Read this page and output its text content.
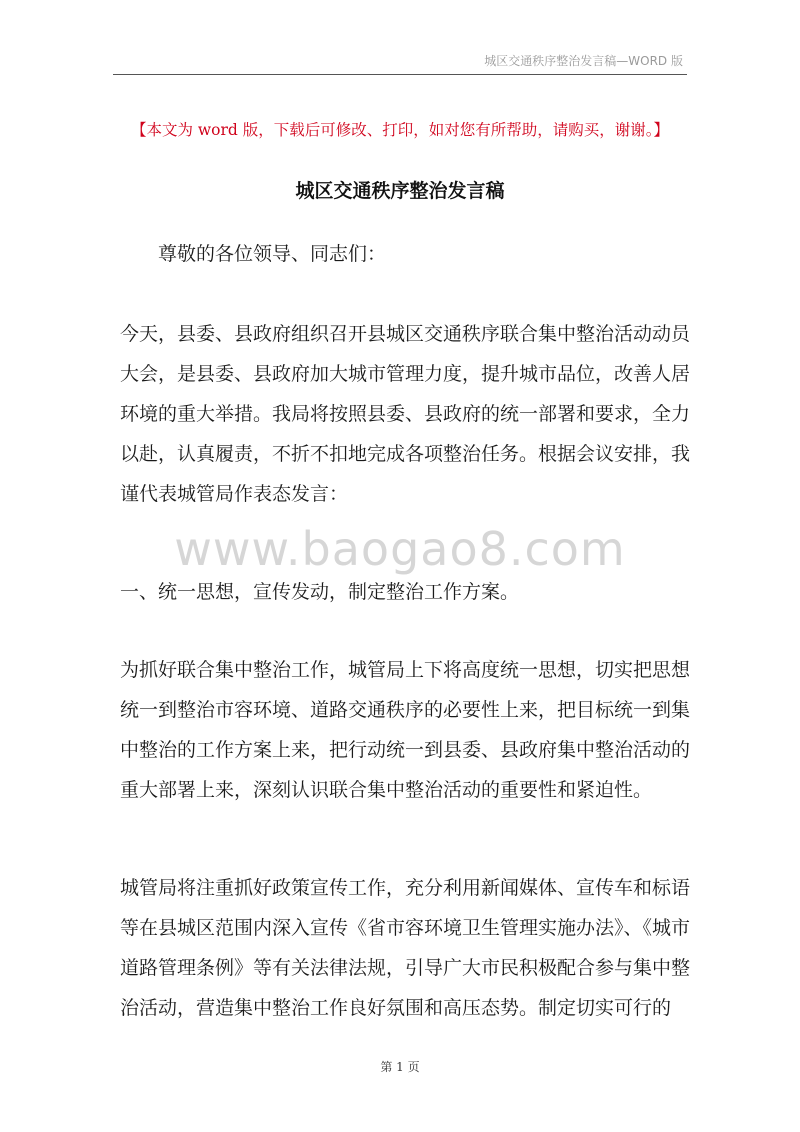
城区交通秩序整治发言稿—WORD 版
【本文为 word 版，下载后可修改、打印，如对您有所帮助，请购买，谢谢。】
城区交通秩序整治发言稿

尊敬的各位领导、同志们：

今天，县委、县政府组织召开县城区交通秩序联合集中整治活动动员大会，是县委、县政府加大城市管理力度，提升城市品位，改善人居环境的重大举措。我局将按照县委、县政府的统一部署和要求，全力以赴，认真履责，不折不扣地完成各项整治任务。根据会议安排，我谨代表城管局作表态发言：

www.baogao8.com

一、统一思想，宣传发动，制定整治工作方案。

为抓好联合集中整治工作，城管局上下将高度统一思想，切实把思想统一到整治市容环境、道路交通秩序的必要性上来，把目标统一到集中整治的工作方案上来，把行动统一到县委、县政府集中整治活动的重大部署上来，深刻认识联合集中整治活动的重要性和紧迫性。

城管局将注重抓好政策宣传工作，充分利用新闻媒体、宣传车和标语等在县城区范围内深入宣传《省市容环境卫生管理实施办法》、《城市道路管理条例》等有关法律法规，引导广大市民积极配合参与集中整治活动，营造集中整治工作良好氛围和高压态势。制定切实可行的

第 1 页
